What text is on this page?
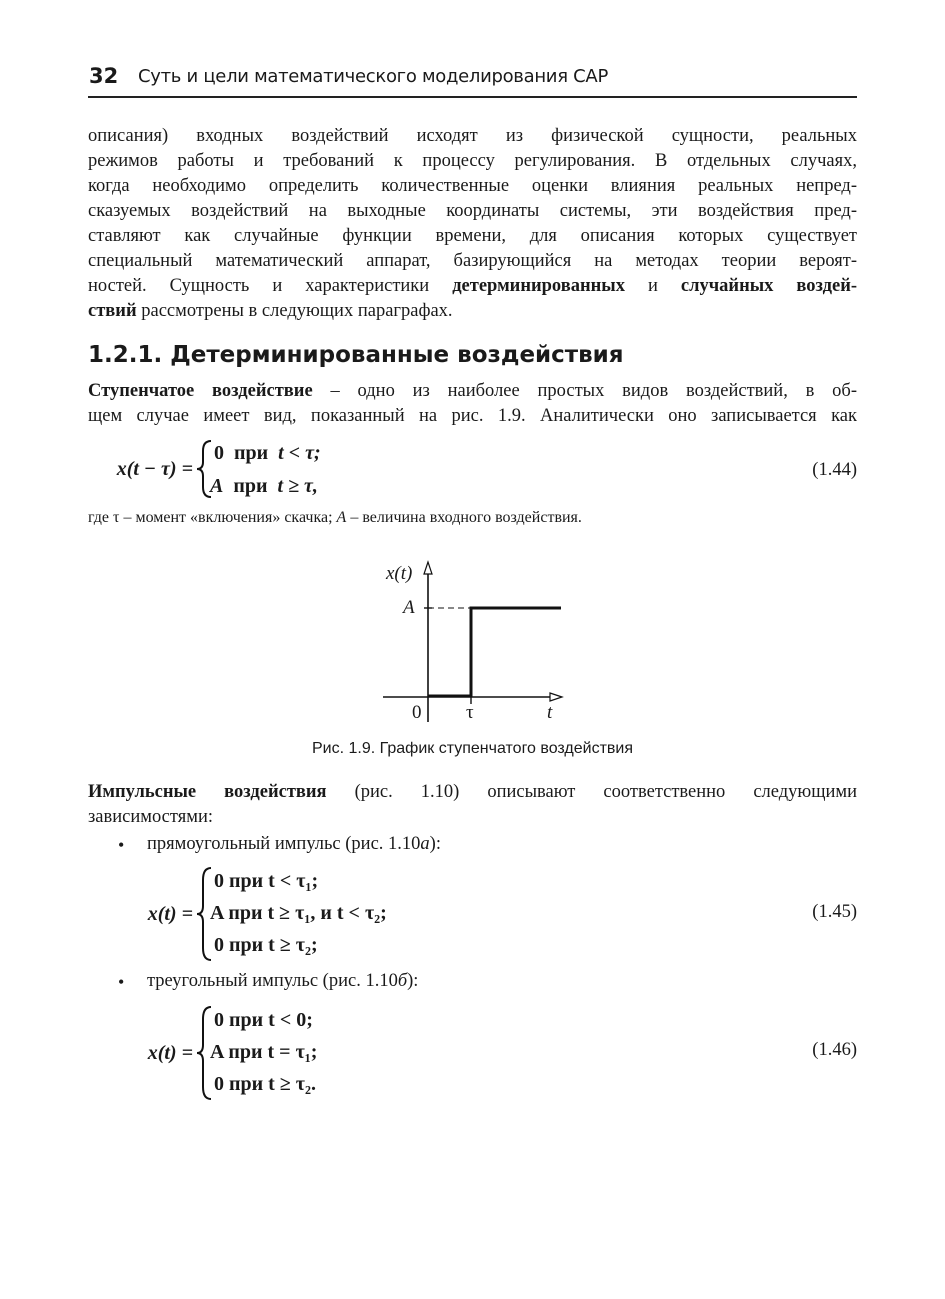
32 Суть и цели математического моделирования САР
описания) входных воздействий исходят из физической сущности, реальных
режимов работы и требований к процессу регулирования. В отдельных случаях,
когда необходимо определить количественные оценки влияния реальных непред-
сказуемых воздействий на выходные координаты системы, эти воздействия пред-
ставляют как случайные функции времени, для описания которых существует
специальный математический аппарат, базирующийся на методах теории вероят-
ностей. Сущность и характеристики детерминированных и случайных воздей-
ствий рассмотрены в следующих параграфах.
1.2.1. Детерминированные воздействия
Ступенчатое воздействие – одно из наиболее простых видов воздействий, в об-
щем случае имеет вид, показанный на рис. 1.9. Аналитически оно записывается как
x(t − τ) =
0 при t < τ;
A при t ≥ τ,
(1.44)
где τ – момент «включения» скачка; A – величина входного воздействия.
x(t)
A
0 τ	t
Рис. 1.9. График ступенчатого воздействия
Импульсные воздействия (рис. 1.10) описывают соответственно следующими
зависимостями:
• прямоугольный импульс (рис. 1.10а):
x(t) =
0 при t < τ₁;
A при t ≥ τ₁, и t < τ₂;
0 при t ≥ τ₂;
(1.45)
• треугольный импульс (рис. 1.10б):
x(t) =
0 при t < 0;
A при t = τ₁;
0 при t ≥ τ₂.
(1.46)
